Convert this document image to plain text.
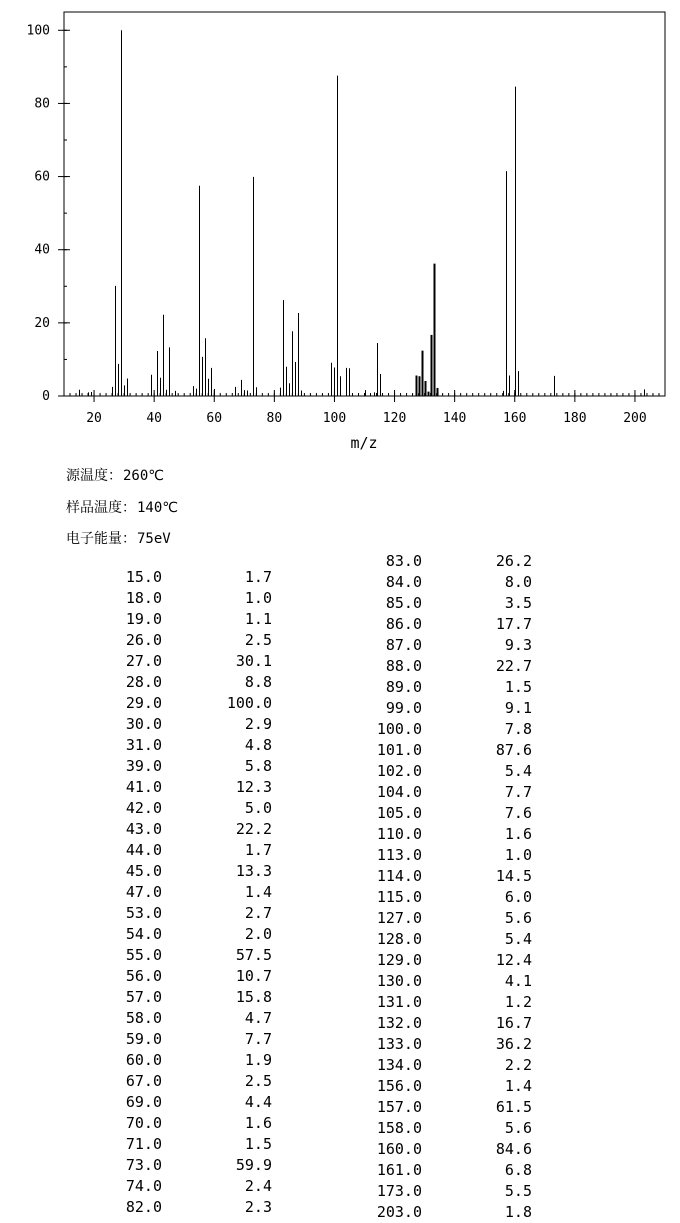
0
20
40
60
80
100
20	40	60	80	100	120	140	160	180	200
m/z
源温度：260℃
样品温度：140℃
电子能量：75eV
15.0	1.7
18.0	1.0
19.0	1.1
26.0	2.5
27.0	30.1
28.0	8.8
29.0	100.0
30.0	2.9
31.0	4.8
39.0	5.8
41.0	12.3
42.0	5.0
43.0	22.2
44.0	1.7
45.0	13.3
47.0	1.4
53.0	2.7
54.0	2.0
55.0	57.5
56.0	10.7
57.0	15.8
58.0	4.7
59.0	7.7
60.0	1.9
67.0	2.5
69.0	4.4
70.0	1.6
71.0	1.5
73.0	59.9
74.0	2.4
82.0	2.3
83.0	26.2
84.0	8.0
85.0	3.5
86.0	17.7
87.0	9.3
88.0	22.7
89.0	1.5
99.0	9.1
100.0	7.8
101.0	87.6
102.0	5.4
104.0	7.7
105.0	7.6
110.0	1.6
113.0	1.0
114.0	14.5
115.0	6.0
127.0	5.6
128.0	5.4
129.0	12.4
130.0	4.1
131.0	1.2
132.0	16.7
133.0	36.2
134.0	2.2
156.0	1.4
157.0	61.5
158.0	5.6
160.0	84.6
161.0	6.8
173.0	5.5
203.0	1.8
